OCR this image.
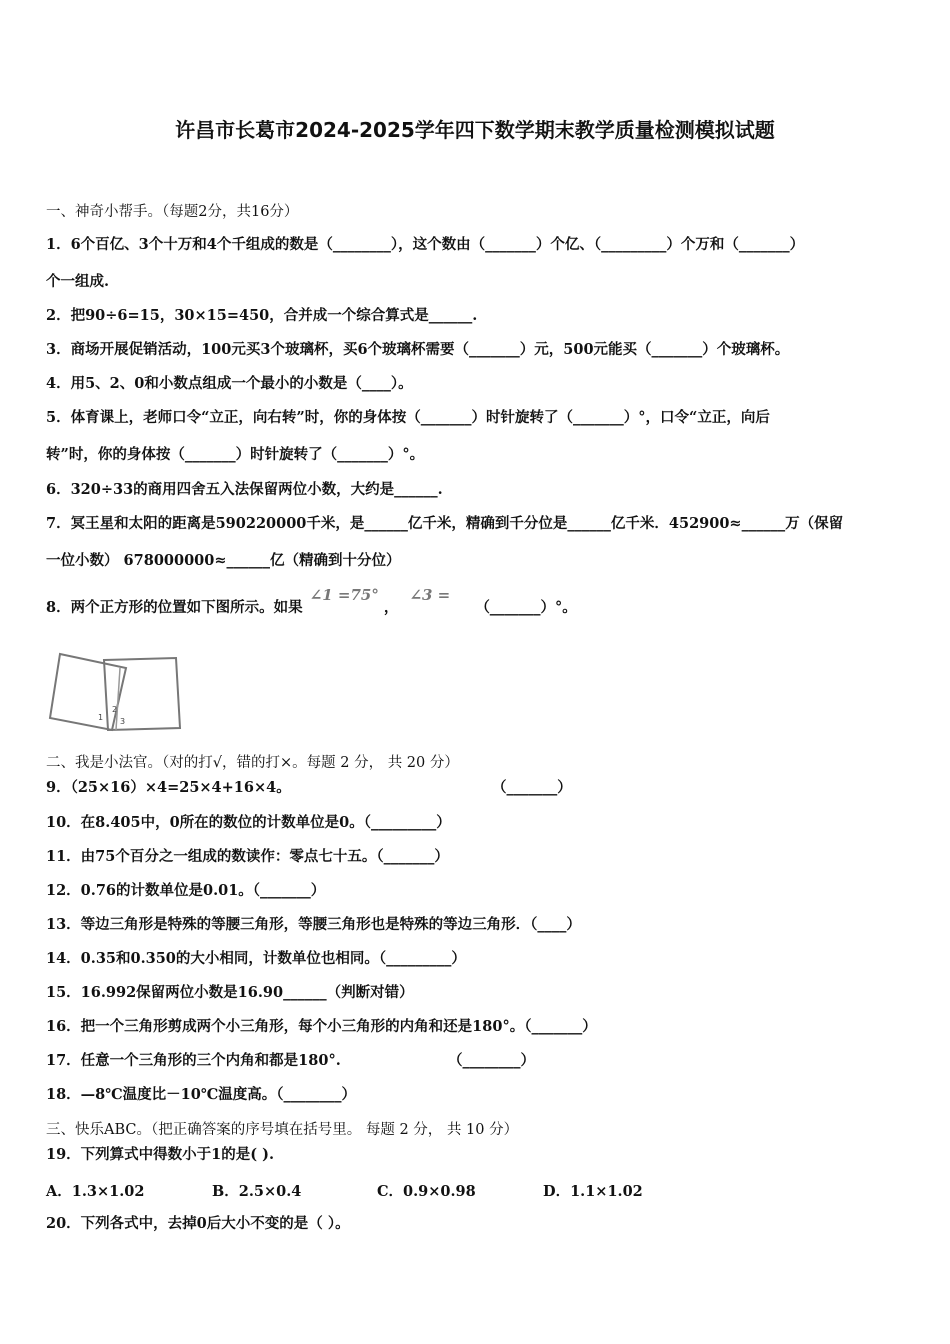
许昌市长葛市2024-2025学年四下数学期末教学质量检测模拟试题
一、神奇小帮手。（每题2分，共16分）
1．6个百亿、3个十万和4个千组成的数是（________），这个数由（_______）个亿、（_________）个万和（_______）
个一组成.
2．把90÷6=15，30×15=450，合并成一个综合算式是______.
3．商场开展促销活动，100元买3个玻璃杯，买6个玻璃杯需要（_______）元，500元能买（_______）个玻璃杯。
4．用5、2、0和小数点组成一个最小的小数是（____）。
5．体育课上，老师口令“立正，向右转”时，你的身体按（_______）时针旋转了（_______）°，口令“立正，向后
转”时，你的身体按（_______）时针旋转了（_______）°。
6．320÷33的商用四舍五入法保留两位小数，大约是______.
7．冥王星和太阳的距离是590220000千米，是______亿千米，精确到千分位是______亿千米．452900≈______万（保留
一位小数） 678000000≈______亿（精确到十分位）
8．两个正方形的位置如下图所示。如果 ∠1 =75° ， ∠3 = （_______）°。
1
2
3
二、我是小法官。（对的打√，错的打×。每题 2 分， 共 20 分）
9．（25×16）×4=25×4+16×4。	（_______）
10．在8.405中，0所在的数位的计数单位是0。（_________）
11．由75个百分之一组成的数读作：零点七十五。（_______）
12．0.76的计数单位是0.01。（_______）
13．等边三角形是特殊的等腰三角形，等腰三角形也是特殊的等边三角形．（____）
14．0.35和0.350的大小相同，计数单位也相同。（_________）
15．16.992保留两位小数是16.90______（判断对错）
16．把一个三角形剪成两个小三角形，每个小三角形的内角和还是180°。（_______）
17．任意一个三角形的三个内角和都是180°.	（________）
18．—8℃温度比－10℃温度高。（________）
三、快乐ABC。（把正确答案的序号填在括号里。 每题 2 分， 共 10 分）
19．下列算式中得数小于1的是( ).
A．1.3×1.02	B．2.5×0.4	C．0.9×0.98	D．1.1×1.02
20．下列各式中，去掉0后大小不变的是（ ）。
